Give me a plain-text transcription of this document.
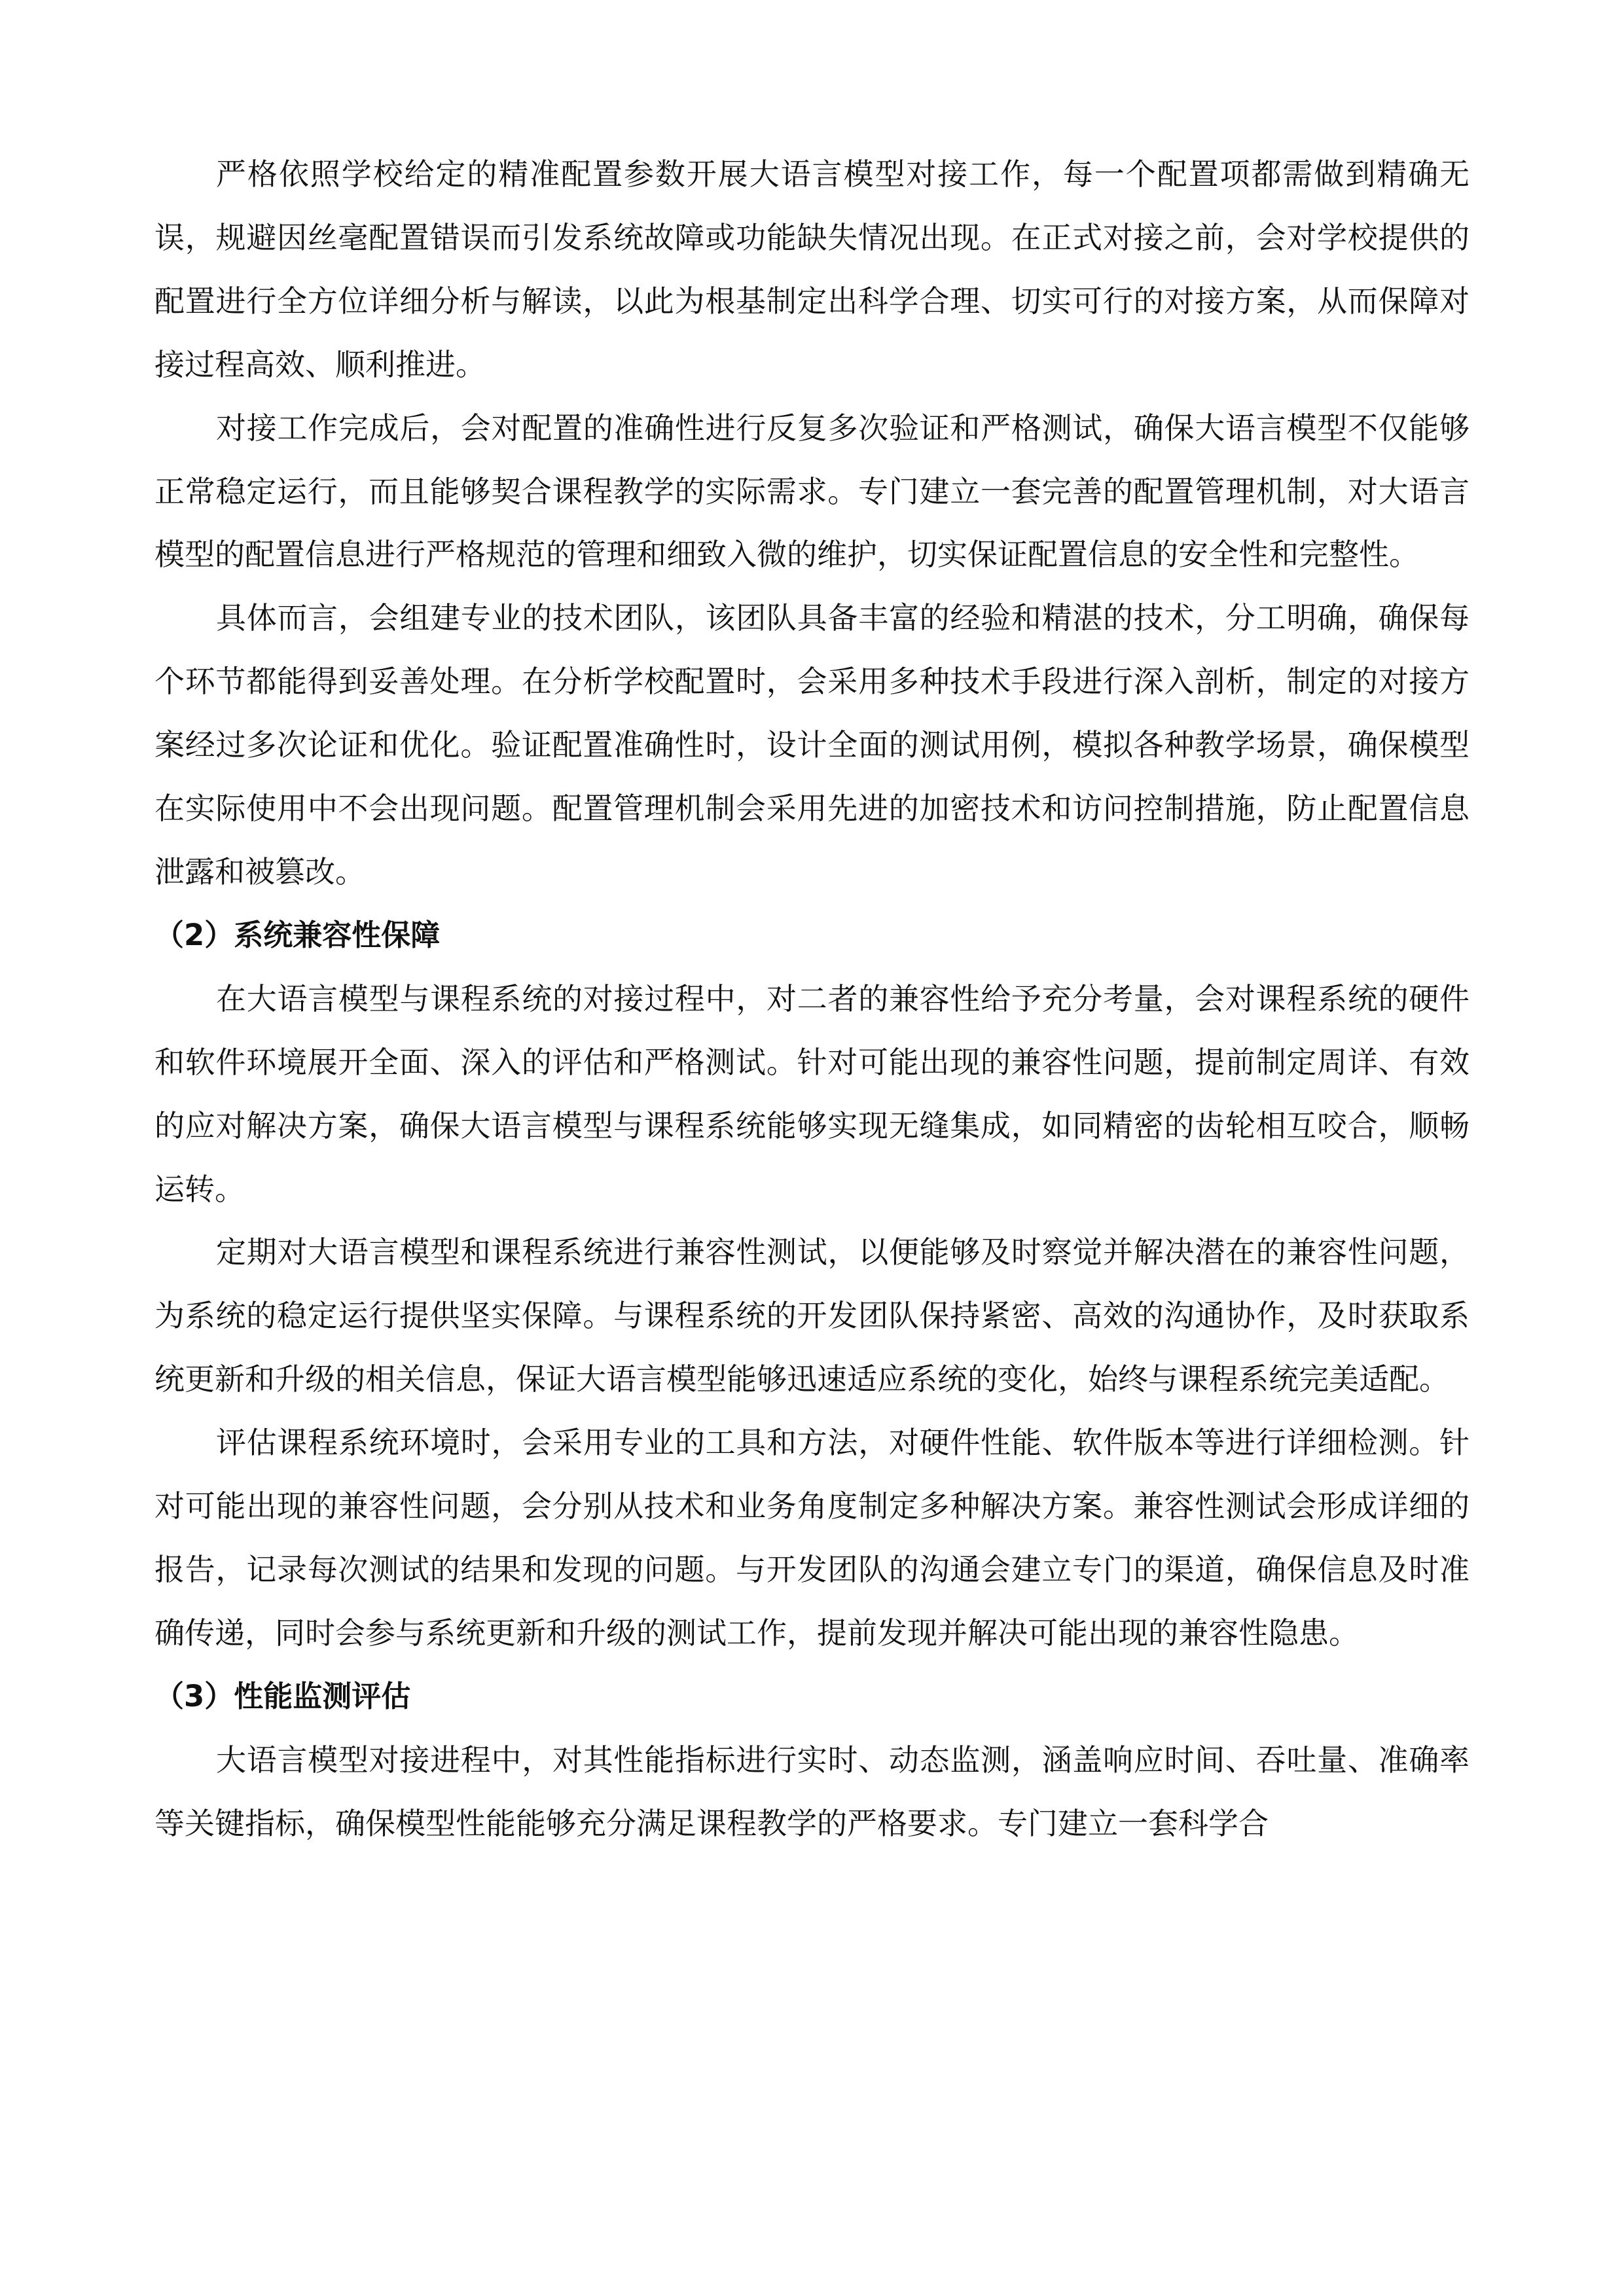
严格依照学校给定的精准配置参数开展大语言模型对接工作，每一个配置项都需做到精确无误，规避因丝毫配置错误而引发系统故障或功能缺失情况出现。在正式对接之前，会对学校提供的配置进行全方位详细分析与解读，以此为根基制定出科学合理、切实可行的对接方案，从而保障对接过程高效、顺利推进。

对接工作完成后，会对配置的准确性进行反复多次验证和严格测试，确保大语言模型不仅能够正常稳定运行，而且能够契合课程教学的实际需求。专门建立一套完善的配置管理机制，对大语言模型的配置信息进行严格规范的管理和细致入微的维护，切实保证配置信息的安全性和完整性。

具体而言，会组建专业的技术团队，该团队具备丰富的经验和精湛的技术，分工明确，确保每个环节都能得到妥善处理。在分析学校配置时，会采用多种技术手段进行深入剖析，制定的对接方案经过多次论证和优化。验证配置准确性时，设计全面的测试用例，模拟各种教学场景，确保模型在实际使用中不会出现问题。配置管理机制会采用先进的加密技术和访问控制措施，防止配置信息泄露和被篡改。

（2）系统兼容性保障

在大语言模型与课程系统的对接过程中，对二者的兼容性给予充分考量，会对课程系统的硬件和软件环境展开全面、深入的评估和严格测试。针对可能出现的兼容性问题，提前制定周详、有效的应对解决方案，确保大语言模型与课程系统能够实现无缝集成，如同精密的齿轮相互咬合，顺畅运转。

定期对大语言模型和课程系统进行兼容性测试，以便能够及时察觉并解决潜在的兼容性问题，为系统的稳定运行提供坚实保障。与课程系统的开发团队保持紧密、高效的沟通协作，及时获取系统更新和升级的相关信息，保证大语言模型能够迅速适应系统的变化，始终与课程系统完美适配。

评估课程系统环境时，会采用专业的工具和方法，对硬件性能、软件版本等进行详细检测。针对可能出现的兼容性问题，会分别从技术和业务角度制定多种解决方案。兼容性测试会形成详细的报告，记录每次测试的结果和发现的问题。与开发团队的沟通会建立专门的渠道，确保信息及时准确传递，同时会参与系统更新和升级的测试工作，提前发现并解决可能出现的兼容性隐患。

（3）性能监测评估

大语言模型对接进程中，对其性能指标进行实时、动态监测，涵盖响应时间、吞吐量、准确率等关键指标，确保模型性能能够充分满足课程教学的严格要求。专门建立一套科学合
